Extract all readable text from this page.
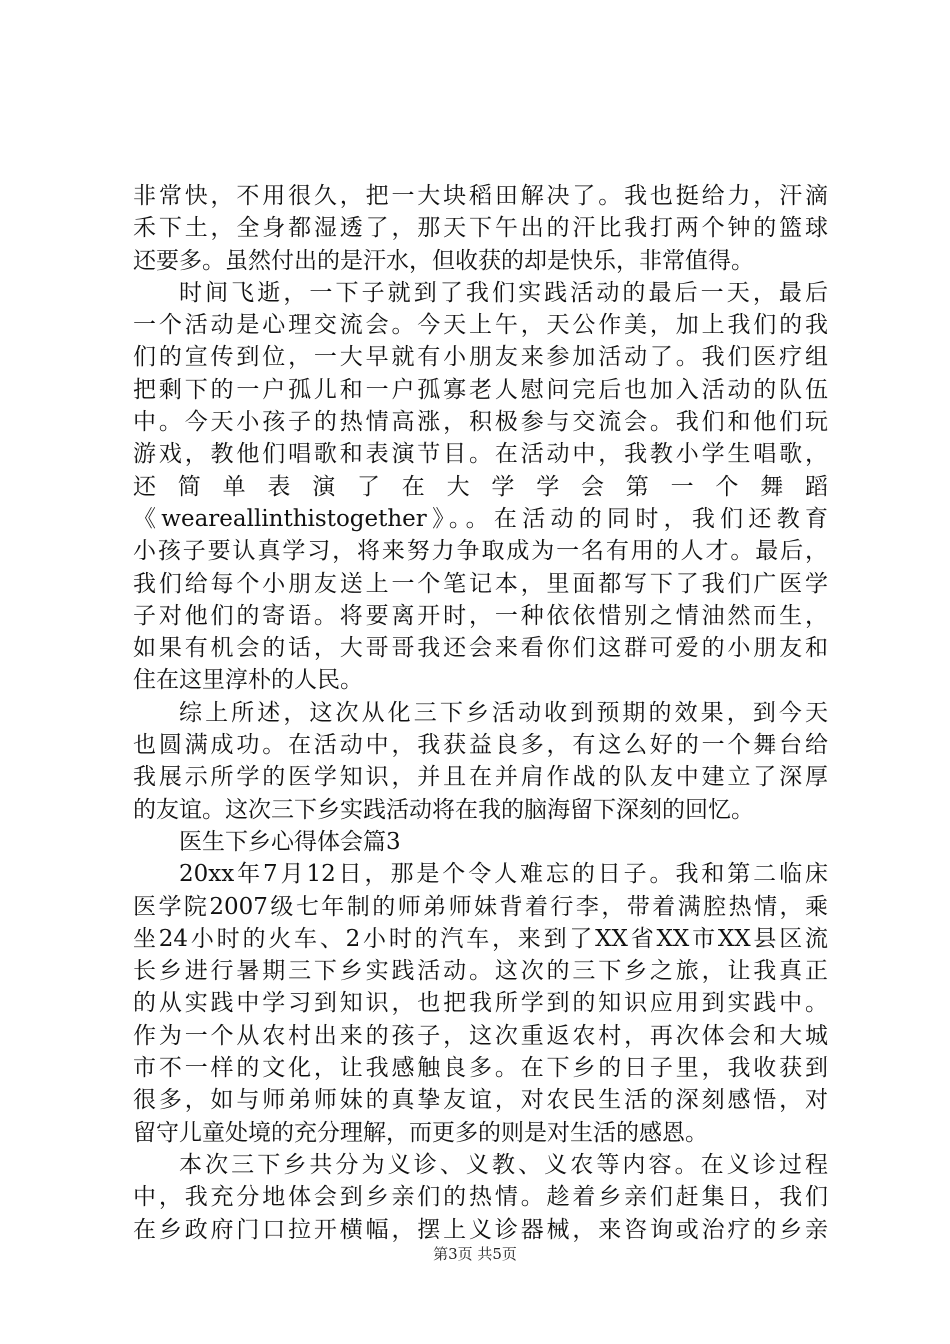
非常快，不用很久，把一大块稻田解决了。我也挺给力，汗滴
禾下土，全身都湿透了，那天下午出的汗比我打两个钟的篮球
还要多。虽然付出的是汗水，但收获的却是快乐，非常值得。
时间飞逝，一下子就到了我们实践活动的最后一天，最后
一个活动是心理交流会。今天上午，天公作美，加上我们的我
们的宣传到位，一大早就有小朋友来参加活动了。我们医疗组
把剩下的一户孤儿和一户孤寡老人慰问完后也加入活动的队伍
中。今天小孩子的热情高涨，积极参与交流会。我们和他们玩
游戏，教他们唱歌和表演节目。在活动中，我教小学生唱歌，
还 简 单 表 演 了 在 大 学 学 会 第 一 个 舞 蹈
《weareallinthistogether》。。在活动的同时，我们还教育
小孩子要认真学习，将来努力争取成为一名有用的人才。最后，
我们给每个小朋友送上一个笔记本，里面都写下了我们广医学
子对他们的寄语。将要离开时，一种依依惜别之情油然而生，
如果有机会的话，大哥哥我还会来看你们这群可爱的小朋友和
住在这里淳朴的人民。
综上所述，这次从化三下乡活动收到预期的效果，到今天
也圆满成功。在活动中，我获益良多，有这么好的一个舞台给
我展示所学的医学知识，并且在并肩作战的队友中建立了深厚
的友谊。这次三下乡实践活动将在我的脑海留下深刻的回忆。
医生下乡心得体会篇3
20xx年7月12日，那是个令人难忘的日子。我和第二临床
医学院2007级七年制的师弟师妹背着行李，带着满腔热情，乘
坐24小时的火车、2小时的汽车，来到了XX省XX市XX县区流
长乡进行暑期三下乡实践活动。这次的三下乡之旅，让我真正
的从实践中学习到知识，也把我所学到的知识应用到实践中。
作为一个从农村出来的孩子，这次重返农村，再次体会和大城
市不一样的文化，让我感触良多。在下乡的日子里，我收获到
很多，如与师弟师妹的真挚友谊，对农民生活的深刻感悟，对
留守儿童处境的充分理解，而更多的则是对生活的感恩。
本次三下乡共分为义诊、义教、义农等内容。在义诊过程
中，我充分地体会到乡亲们的热情。趁着乡亲们赶集日，我们
在乡政府门口拉开横幅，摆上义诊器械，来咨询或治疗的乡亲
第3页 共5页
